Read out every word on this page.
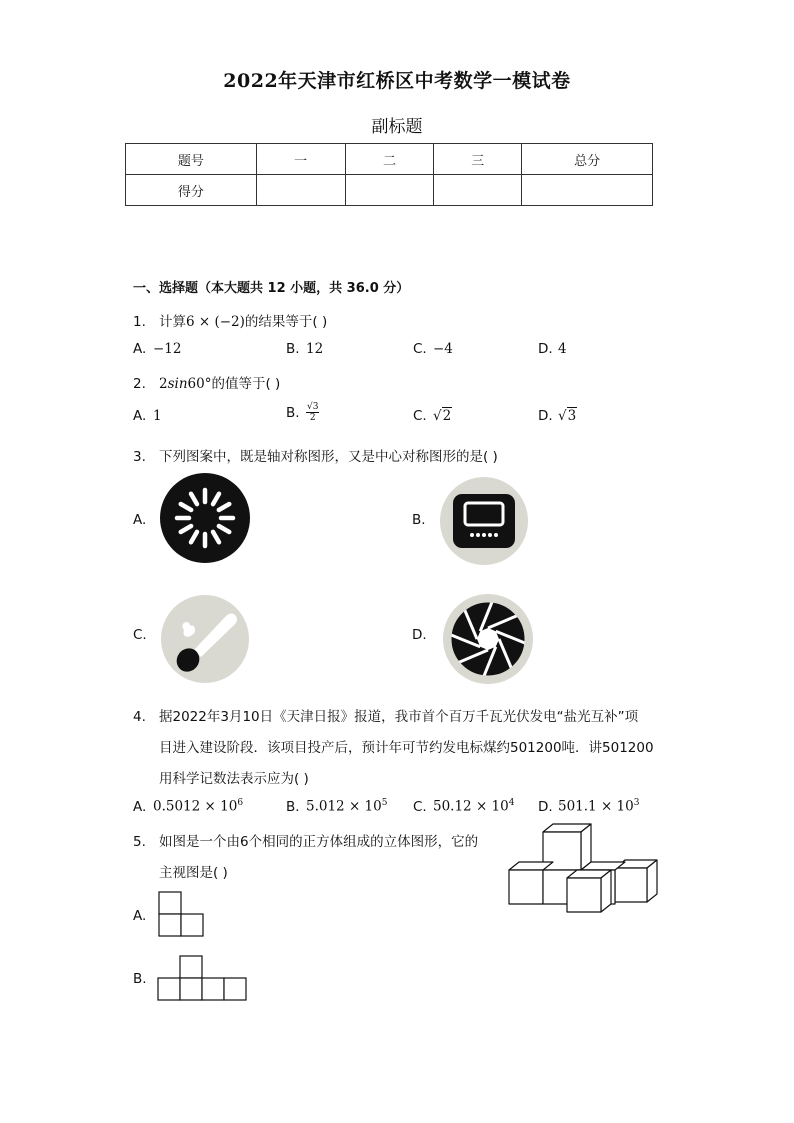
2022年天津市红桥区中考数学一模试卷
副标题
题号	一	二	三	总分
得分				
一、选择题（本大题共 12 小题，共 36.0 分）
1. 计算6 × (−2)的结果等于( )
A. −12	B. 12	C. −4	D. 4
2. 2sin60°的值等于( )
A. 1	B. $\frac{√3}{2}$	C. √2	D. √3
3. 下列图案中，既是轴对称图形，又是中心对称图形的是( )
A.	B.
C.	D.
4. 据2022年3月10日《天津日报》报道，我市首个百万千瓦光伏发电“盐光互补”项
目进入建设阶段．该项目投产后，预计年可节约发电标煤约501200吨．讲501200
用科学记数法表示应为( )
A. $0.5012 \times 10^6$	B. $5.012 \times 10^5$ C. $50.12 \times 10^4$ D. $501.1 \times 10^3$
5. 如图是一个由6个相同的正方体组成的立体图形，它的
主视图是( )
A.
B.
